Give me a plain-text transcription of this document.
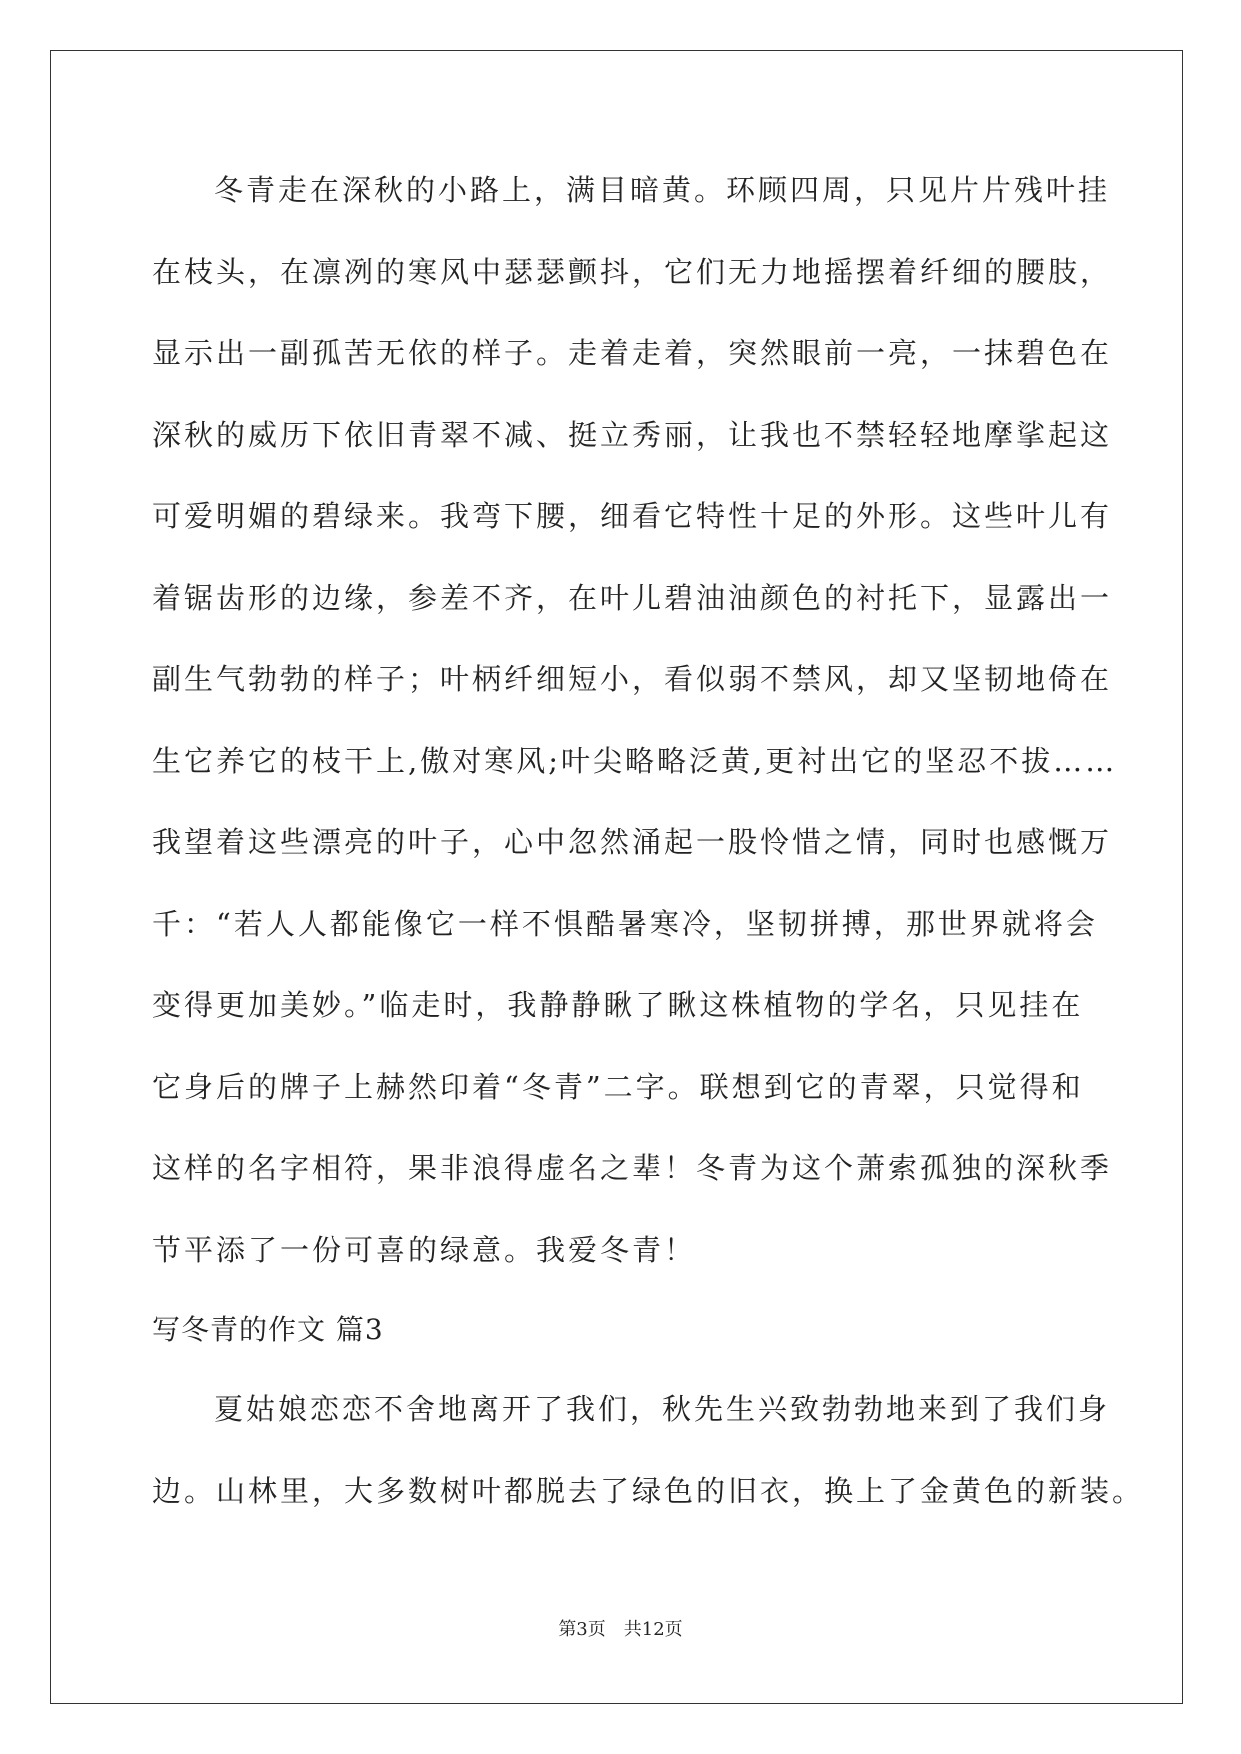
冬青走在深秋的小路上，满目暗黄。环顾四周，只见片片残叶挂
在枝头，在凛冽的寒风中瑟瑟颤抖，它们无力地摇摆着纤细的腰肢，
显示出一副孤苦无依的样子。走着走着，突然眼前一亮，一抹碧色在
深秋的威历下依旧青翠不减、挺立秀丽，让我也不禁轻轻地摩挲起这
可爱明媚的碧绿来。我弯下腰，细看它特性十足的外形。这些叶儿有
着锯齿形的边缘，参差不齐，在叶儿碧油油颜色的衬托下，显露出一
副生气勃勃的样子；叶柄纤细短小，看似弱不禁风，却又坚韧地倚在
生它养它的枝干上,傲对寒风;叶尖略略泛黄,更衬出它的坚忍不拔……
我望着这些漂亮的叶子，心中忽然涌起一股怜惜之情，同时也感慨万
千：“若人人都能像它一样不惧酷暑寒冷，坚韧拼搏，那世界就将会
变得更加美妙。”临走时，我静静瞅了瞅这株植物的学名，只见挂在
它身后的牌子上赫然印着“冬青”二字。联想到它的青翠，只觉得和
这样的名字相符，果非浪得虚名之辈！冬青为这个萧索孤独的深秋季
节平添了一份可喜的绿意。我爱冬青！
写冬青的作文 篇3
夏姑娘恋恋不舍地离开了我们，秋先生兴致勃勃地来到了我们身
边。山林里，大多数树叶都脱去了绿色的旧衣，换上了金黄色的新装。
第3页　共12页
